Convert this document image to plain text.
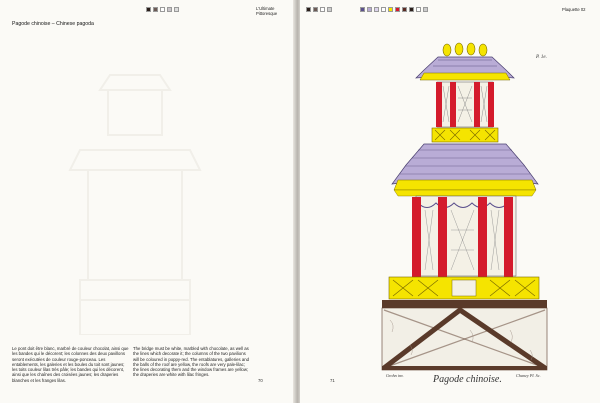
L'Ultimate
Pittoresque
Pagode chinoise – Chinese pagoda
Le pont doit être blanc, marbré de couleur chocolat, ainsi que les bandes qui le décorent; les colonnes des deux pavillons seront exécutées de couleur rouge-ponceau. Les entablements, les galeries et les boules du toit sont jaunes; les toits couleur lilas très pâle; les bandes qui les décorent, ainsi que les chaînes des croisées jaunes; les draperies blanches et les franges lilas.
The bridge must be white, marbled with chocolate, as well as the lines which decorate it; the columns of the two pavilions will be coloured in poppy-red. The entablatures, galleries and the balls of the roof are yellow, the roofs are very pale-lilac; the lines decorating them and the window frames are yellow; the draperies are white with lilac fringes.
70
Plaquette 02
P. 1e.
Grohn inv.	Chaney Pl. Sc.
Pagode chinoise.
71
